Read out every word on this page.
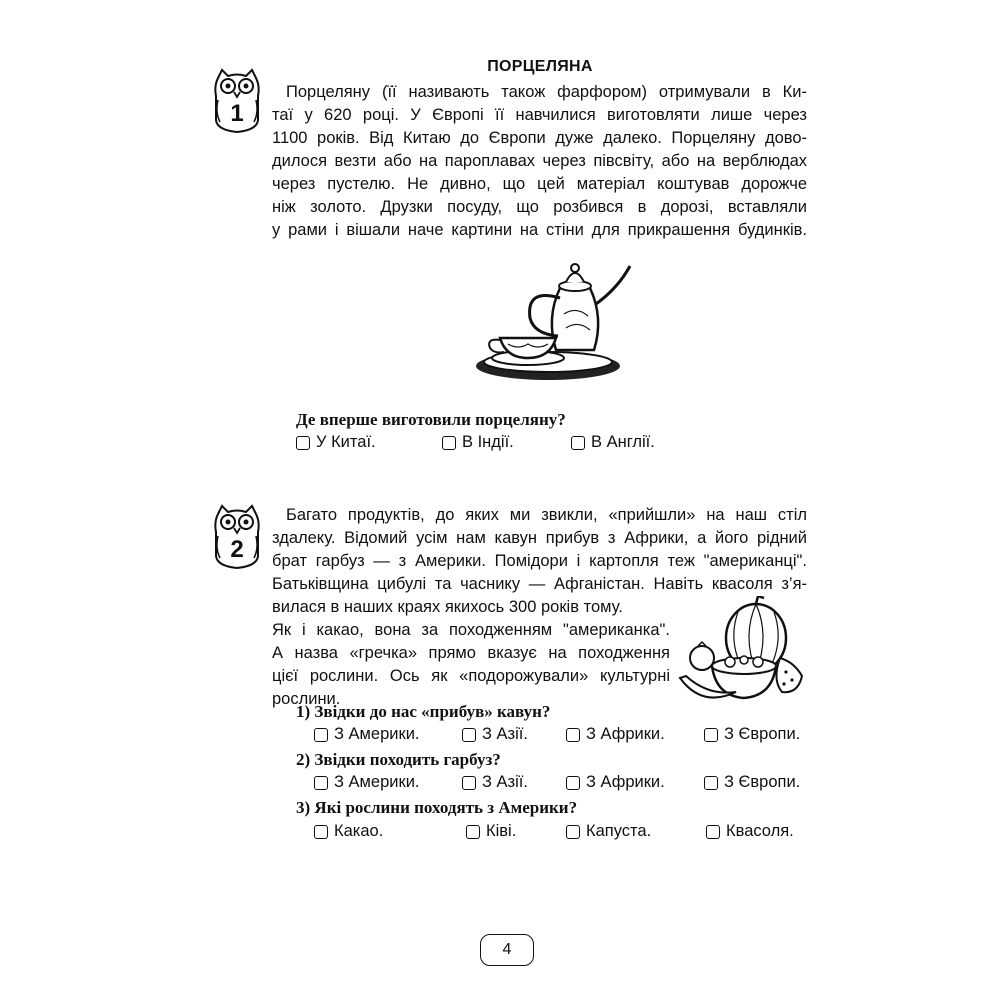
ПОРЦЕЛЯНА
1
Порцеляну (її називають також фарфором) отримували в Ки-
таї у 620 році. У Європі її навчилися виготовляти лише через
1100 років. Від Китаю до Європи дуже далеко. Порцеляну дово-
дилося везти або на пароплавах через півсвіту, або на верблюдах
через пустелю. Не дивно, що цей матеріал коштував дорожче
ніж золото. Друзки посуду, що розбився в дорозі, вставляли
у рами і вішали наче картини на стіни для прикрашення будинків.
Де вперше виготовили порцеляну?
У Китаї.	В Індії.	В Англії.
2
Багато продуктів, до яких ми звикли, «прийшли» на наш стіл
здалеку. Відомий усім нам кавун прибув з Африки, а його рідний
брат гарбуз — з Америки. Помідори і картопля теж "американці".
Батьківщина цибулі та часнику — Афганістан. Навіть квасоля з’я-
вилася в наших краях якихось 300 років тому.
Як і какао, вона за походженням "американка".
А назва «гречка» прямо вказує на походження
цієї рослини. Ось як «подорожували» культурні
рослини.
1) Звідки до нас «прибув» кавун?
З Америки.	З Азії.	З Африки.	З Європи.
2) Звідки походить гарбуз?
З Америки.	З Азії.	З Африки.	З Європи.
3) Які рослини походять з Америки?
Какао.	Ківі.	Капуста.	Квасоля.
4
